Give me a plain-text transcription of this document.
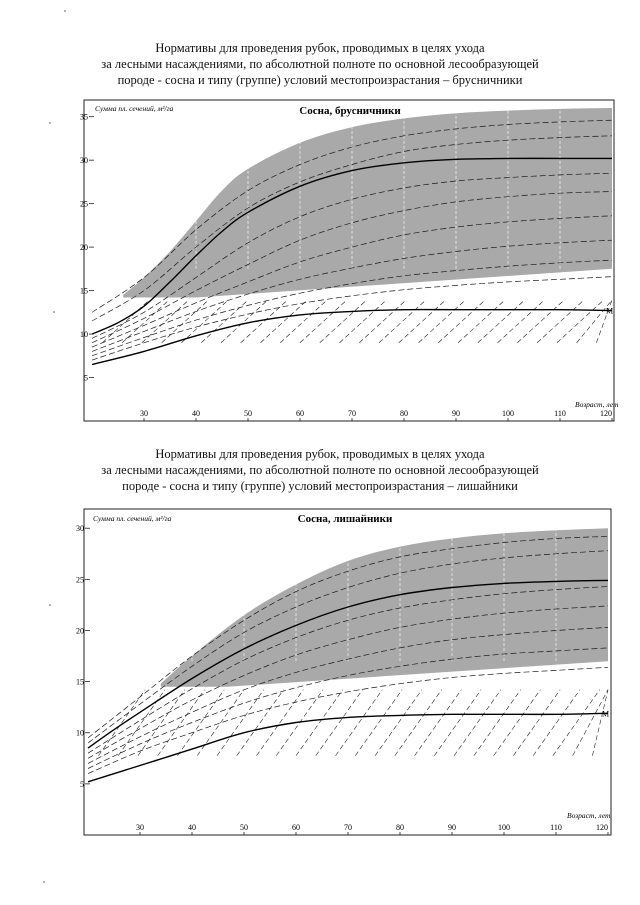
Нормативы для проведения рубок, проводимых в целях ухода
за лесными насаждениями, по абсолютной полноте по основной лесообразующей
породе - сосна и типу (группе) условий местопроизрастания – брусничники
Сосна, брусничники
Сумма пл. сечений, м²/га
Возраст, лет
M
5
10
15
20
25
30
35
30	40	50	60	70	80	90	100	110	120
Нормативы для проведения рубок, проводимых в целях ухода
за лесными насаждениями, по абсолютной полноте по основной лесообразующей
породе - сосна и типу (группе) условий местопроизрастания – лишайники
Сосна, лишайники
Сумма пл. сечений, м²/га
Возраст, лет
M
5
10
15
20
25
30
30	40	50	60	70	80	90	100	110	120
